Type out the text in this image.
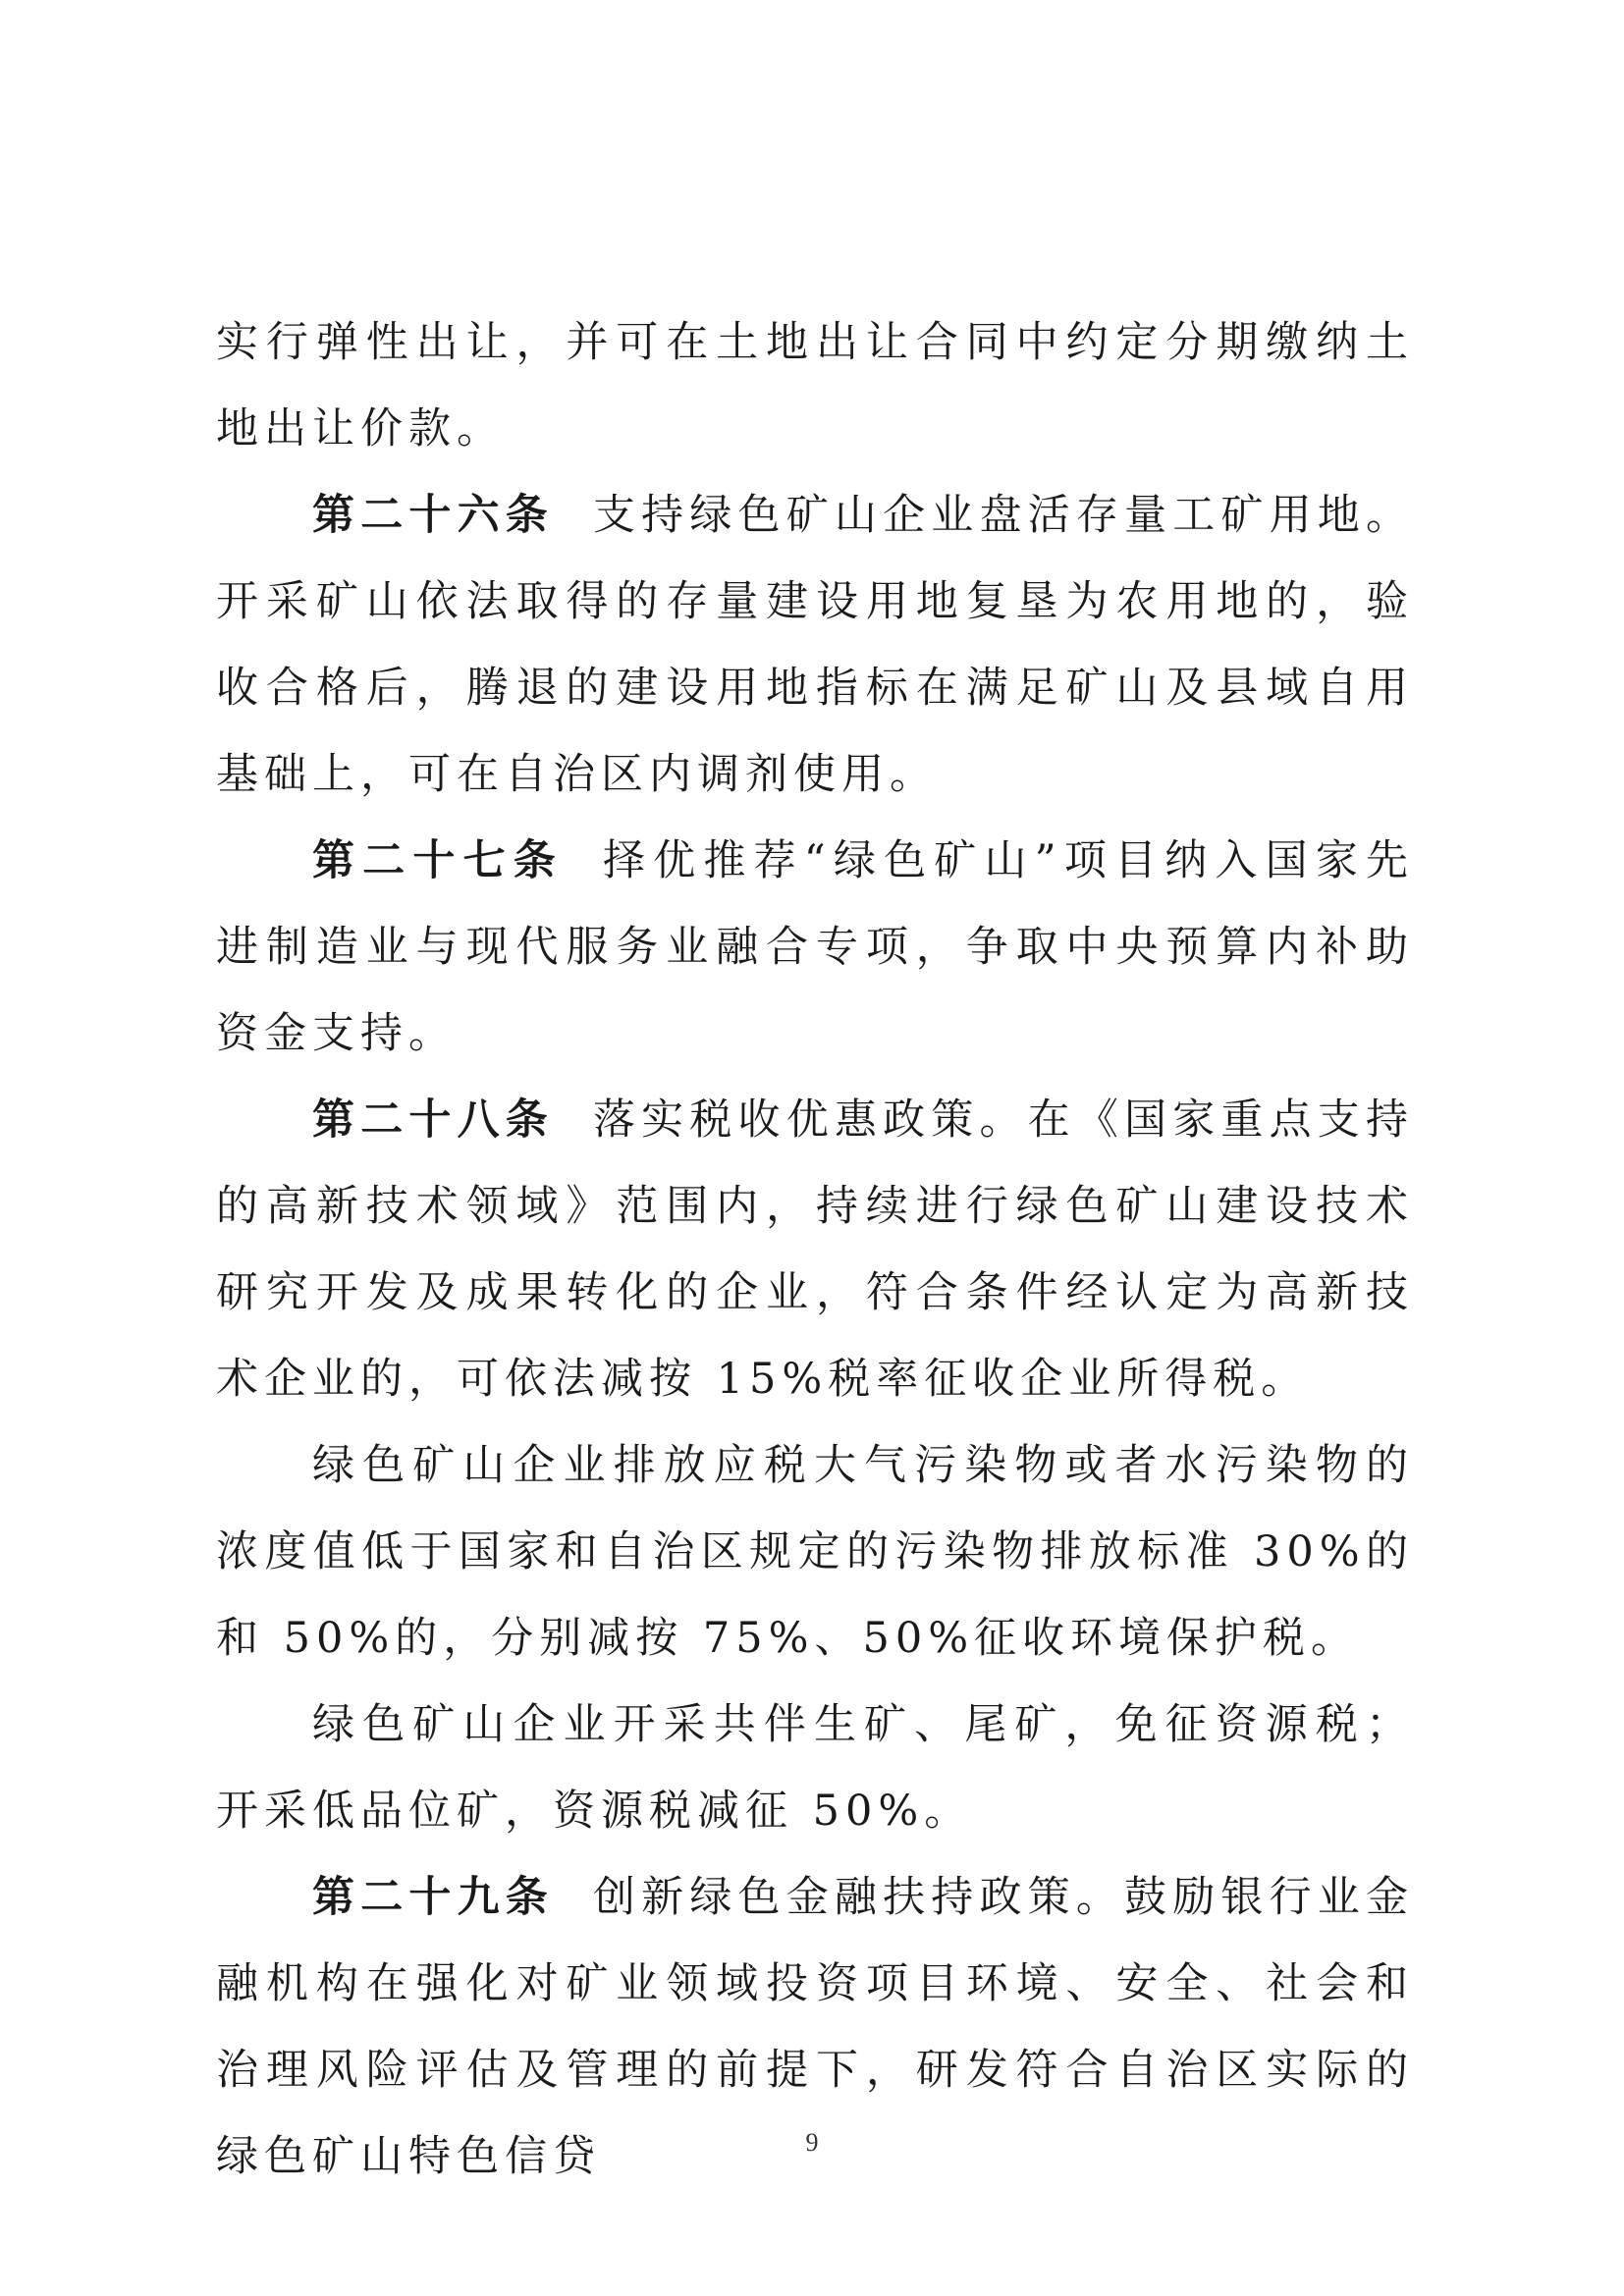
实行弹性出让，并可在土地出让合同中约定分期缴纳土地出让价款。

第二十六条 支持绿色矿山企业盘活存量工矿用地。开采矿山依法取得的存量建设用地复垦为农用地的，验收合格后，腾退的建设用地指标在满足矿山及县域自用基础上，可在自治区内调剂使用。

第二十七条 择优推荐“绿色矿山”项目纳入国家先进制造业与现代服务业融合专项，争取中央预算内补助资金支持。

第二十八条 落实税收优惠政策。在《国家重点支持的高新技术领域》范围内，持续进行绿色矿山建设技术研究开发及成果转化的企业，符合条件经认定为高新技术企业的，可依法减按 15%税率征收企业所得税。

绿色矿山企业排放应税大气污染物或者水污染物的浓度值低于国家和自治区规定的污染物排放标准 30%的和 50%的，分别减按 75%、50%征收环境保护税。

绿色矿山企业开采共伴生矿、尾矿，免征资源税；开采低品位矿，资源税减征 50%。

第二十九条 创新绿色金融扶持政策。鼓励银行业金融机构在强化对矿业领域投资项目环境、安全、社会和治理风险评估及管理的前提下，研发符合自治区实际的绿色矿山特色信贷	9
